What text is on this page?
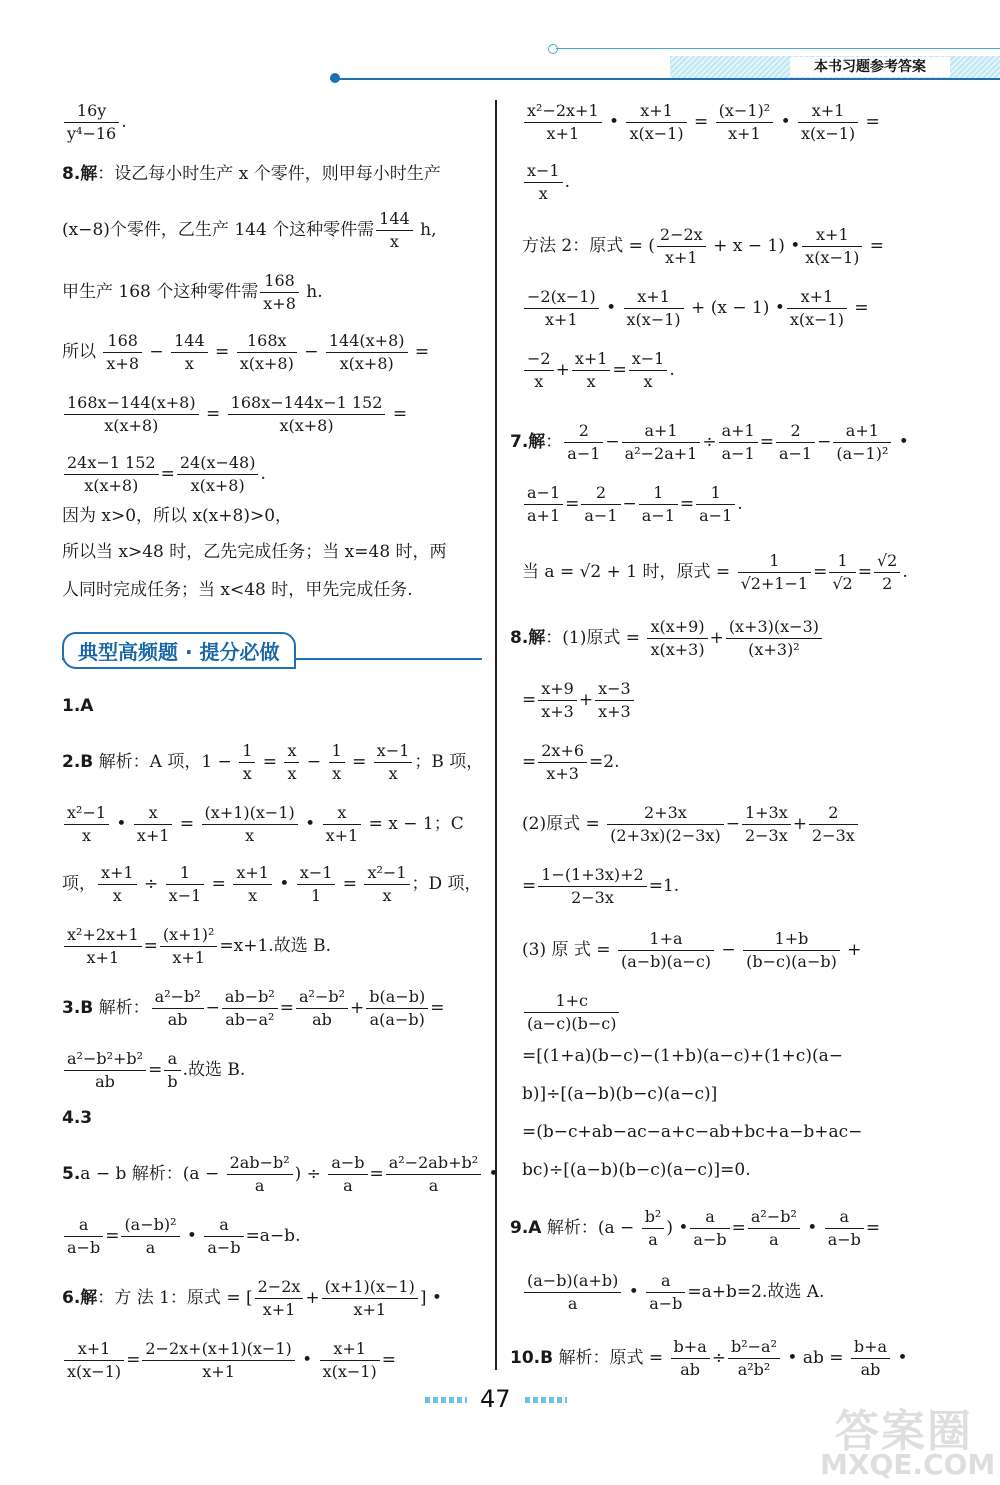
本书习题参考答案
$\frac{16y}{\text{y⁴−16}}$ .
8.解：设乙每小时生产 x 个零件，则甲每小时生产
(x−8)个零件，乙生产 144 个这种零件需 $\frac{144}{x} h$,
甲生产 168 个这种零件需 $\frac{168}{x+8} h$.
所以 $\frac{168}{x+8} - \frac{144}{x} = \frac{168x}{x(x+8)} - \frac{144(x+8)}{x(x+8)}$ =
$\frac{168x-144(x+8)}{x(x+8)} = \frac{168x-144x-1 152}{x(x+8)}$ =
$\frac{24x-1 152}{x(x+8)} = \frac{24(x-48)}{x(x+8)}$ .
因为 x>0，所以 x(x+8)>0，
所以当 x>48 时，乙先完成任务；当 x=48 时，两
人同时完成任务；当 x<48 时，甲先完成任务.
典型高频题 · 提分必做
1.A
2.B 解析：A 项，$1 - \frac{1}{x} = \frac{x}{x} - \frac{1}{x} = \frac{x-1}{x}$ ；B 项，
$\frac{\text{x²−1}}{x}$ • $\frac{x}{x+1} = \frac{(x+1)(x-1)}{x}$ • $\frac{x}{x+1} = x - 1$；C
项， $\frac{x+1}{x} \div \frac{1}{x-1} = \frac{x+1}{x}$ • $\frac{x-1}{1} = \frac{\text{x²−1}}{x}$ ；D 项，
$\frac{\text{x²+2x+1}}{x+1} = \frac{\text{(x+1)²}}{x+1} =x+1$.故选 B.
3.B 解析： $\frac{\text{a²−b²}}{ab} - \frac{\text{ab−b²}}{\text{ab−a²}} = \frac{\text{a²−b²}}{ab} + \frac{b(a-b)}{a(a-b)}$ =
$\frac{\text{a²−b²+b²}}{ab} = \frac{a}{b}$ .故选 B.
4.3
5.a − b 解析：($a - \frac{\text{2ab−b²}}{a}$ ) ÷ $\frac{a-b}{a} = \frac{\text{a²−2ab+b²}}{a}$ •
$\frac{a}{a-b} = \frac{\text{(a−b)²}}{a}$ • $\frac{a}{a-b} =a-b$.
6.解：方 法 1：原式 = [ $\frac{2-2x}{x+1} + \frac{(x+1)(x-1)}{x+1}$ ] •
$\frac{x+1}{x(x-1)} = \frac{2-2x+(x+1)(x-1)}{x+1}$ • $\frac{x+1}{x(x-1)}$ =
$\frac{\text{x²−2x+1}}{x+1}$ • $\frac{x+1}{x(x-1)} = \frac{\text{(x−1)²}}{x+1}$ • $\frac{x+1}{x(x-1)}$ =
$\frac{x-1}{x}$ .
方法 2：原式 = ( $\frac{2-2x}{x+1} + x - 1$) • $\frac{x+1}{x(x-1)}$ =
$\frac{-2(x-1)}{x+1}$ • $\frac{x+1}{x(x-1)} + (x - 1)$ • $\frac{x+1}{x(x-1)}$ =
$\frac{-2}{x} + \frac{x+1}{x} = \frac{x-1}{x}$ .
7.解： $\frac{2}{a-1} - \frac{a+1}{\text{a²−2a+1}} \div \frac{a+1}{a-1} = \frac{2}{a-1} - \frac{a+1}{\text{(a−1)²}}$ •
$\frac{a-1}{a+1} = \frac{2}{a-1} - \frac{1}{a-1} = \frac{1}{a-1}$ .
当 a = √2 + 1 时，原式 = $\frac{1}{√2+1-1} = \frac{1}{√2} = \frac{√2}{2}$ .
8.解：(1)原式 = $\frac{x(x+9)}{x(x+3)} + \frac{(x+3)(x-3)}{\text{(x+3)²}}$
= $\frac{x+9}{x+3} + \frac{x-3}{x+3}$
= $\frac{2x+6}{x+3} =2$.
(2)原式 = $\frac{2+3x}{(2+3x)(2-3x)} - \frac{1+3x}{2-3x} + \frac{2}{2-3x}$
= $\frac{1-(1+3x)+2}{2-3x} =1$.
(3) 原 式 = $\frac{1+a}{(a-b)(a-c)} - \frac{1+b}{(b-c)(a-b)}$ +
$\frac{1+c}{(a-c)(b-c)}$
=[(1+a)(b−c)−(1+b)(a−c)+(1+c)(a−
b)]÷[(a−b)(b−c)(a−c)]
=(b−c+ab−ac−a+c−ab+bc+a−b+ac−
bc)÷[(a−b)(b−c)(a−c)]=0.
9.A 解析：($a - \frac{\text{b²}}{a}$ ) • $\frac{a}{a-b} = \frac{\text{a²−b²}}{a}$ • $\frac{a}{a-b}$ =
$\frac{(a-b)(a+b)}{a}$ • $\frac{a}{a-b} =a+b=2$.故选 A.
10.B 解析：原式 = $\frac{b+a}{ab} \div \frac{\text{b²−a²}}{\text{a²b²}}$ • ab = $\frac{b+a}{ab}$ •
47
答案圈
MXQE.COM
